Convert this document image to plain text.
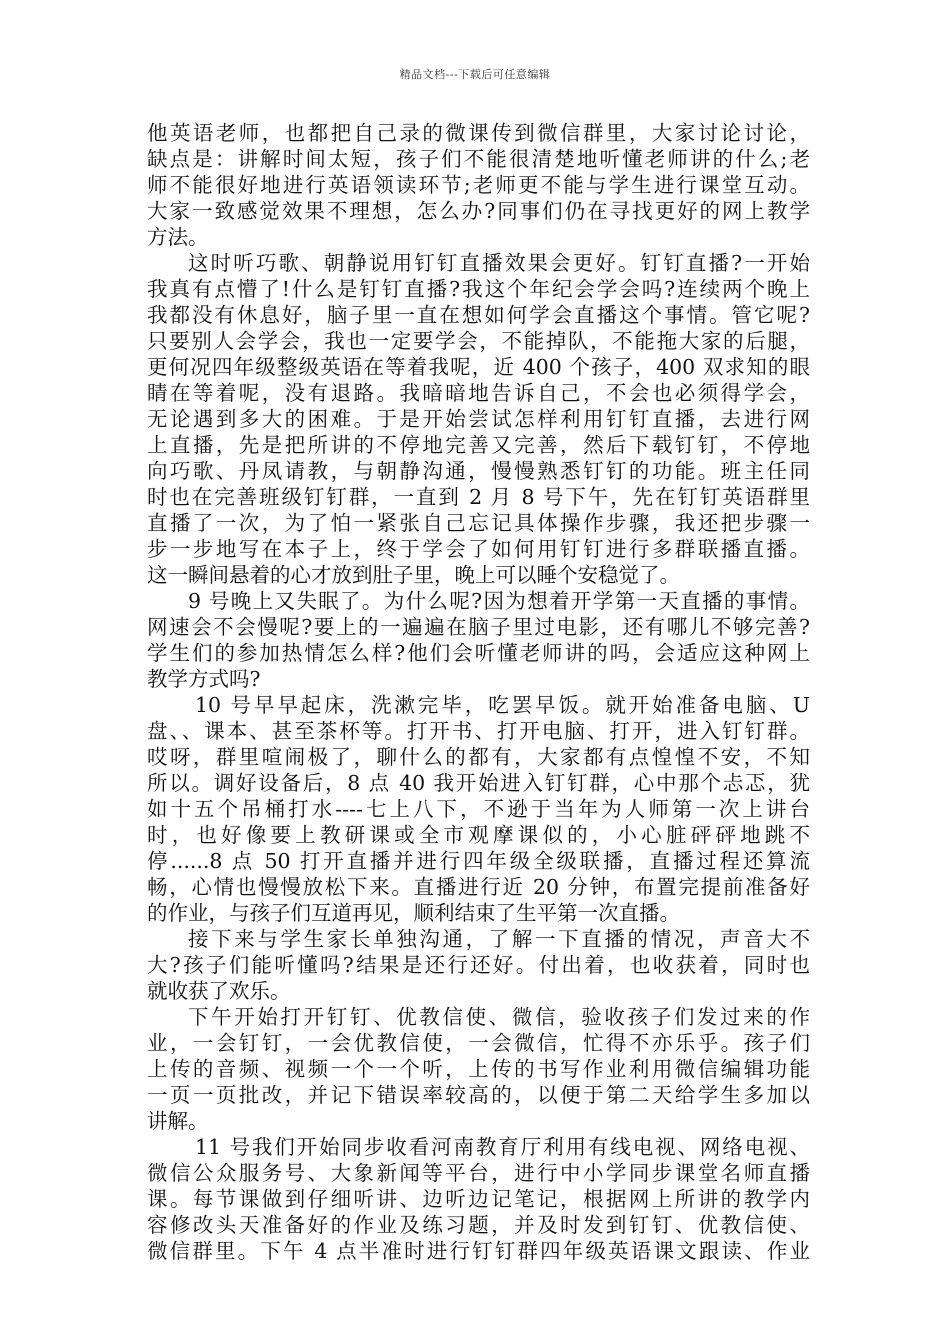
精品文档---下载后可任意编辑
他英语老师，也都把自己录的微课传到微信群里，大家讨论讨论，
缺点是：讲解时间太短，孩子们不能很清楚地听懂老师讲的什么;老
师不能很好地进行英语领读环节;老师更不能与学生进行课堂互动。
大家一致感觉效果不理想，怎么办?同事们仍在寻找更好的网上教学
方法。
这时听巧歌、朝静说用钉钉直播效果会更好。钉钉直播?一开始
我真有点懵了!什么是钉钉直播?我这个年纪会学会吗?连续两个晚上
我都没有休息好，脑子里一直在想如何学会直播这个事情。管它呢?
只要别人会学会，我也一定要学会，不能掉队，不能拖大家的后腿，
更何况四年级整级英语在等着我呢，近 400 个孩子，400 双求知的眼
睛在等着呢，没有退路。我暗暗地告诉自己，不会也必须得学会，
无论遇到多大的困难。于是开始尝试怎样利用钉钉直播，去进行网
上直播，先是把所讲的不停地完善又完善，然后下载钉钉，不停地
向巧歌、丹凤请教，与朝静沟通，慢慢熟悉钉钉的功能。班主任同
时也在完善班级钉钉群，一直到 2 月 8 号下午，先在钉钉英语群里
直播了一次，为了怕一紧张自己忘记具体操作步骤，我还把步骤一
步一步地写在本子上，终于学会了如何用钉钉进行多群联播直播。
这一瞬间悬着的心才放到肚子里，晚上可以睡个安稳觉了。
9 号晚上又失眠了。为什么呢?因为想着开学第一天直播的事情。
网速会不会慢呢?要上的一遍遍在脑子里过电影，还有哪儿不够完善?
学生们的参加热情怎么样?他们会听懂老师讲的吗，会适应这种网上
教学方式吗?
10 号早早起床，洗漱完毕，吃罢早饭。就开始准备电脑、U
盘、、课本、甚至茶杯等。打开书、打开电脑、打开，进入钉钉群。
哎呀，群里喧闹极了，聊什么的都有，大家都有点惶惶不安，不知
所以。调好设备后，8 点 40 我开始进入钉钉群，心中那个忐忑，犹
如十五个吊桶打水----七上八下，不逊于当年为人师第一次上讲台
时，也好像要上教研课或全市观摩课似的，小心脏砰砰地跳不
停......8 点 50 打开直播并进行四年级全级联播，直播过程还算流
畅，心情也慢慢放松下来。直播进行近 20 分钟，布置完提前准备好
的作业，与孩子们互道再见，顺利结束了生平第一次直播。
接下来与学生家长单独沟通，了解一下直播的情况，声音大不
大?孩子们能听懂吗?结果是还行还好。付出着，也收获着，同时也
就收获了欢乐。
下午开始打开钉钉、优教信使、微信，验收孩子们发过来的作
业，一会钉钉，一会优教信使，一会微信，忙得不亦乐乎。孩子们
上传的音频、视频一个一个听，上传的书写作业利用微信编辑功能
一页一页批改，并记下错误率较高的，以便于第二天给学生多加以
讲解。
11 号我们开始同步收看河南教育厅利用有线电视、网络电视、
微信公众服务号、大象新闻等平台，进行中小学同步课堂名师直播
课。每节课做到仔细听讲、边听边记笔记，根据网上所讲的教学内
容修改头天准备好的作业及练习题，并及时发到钉钉、优教信使、
微信群里。下午 4 点半准时进行钉钉群四年级英语课文跟读、作业
